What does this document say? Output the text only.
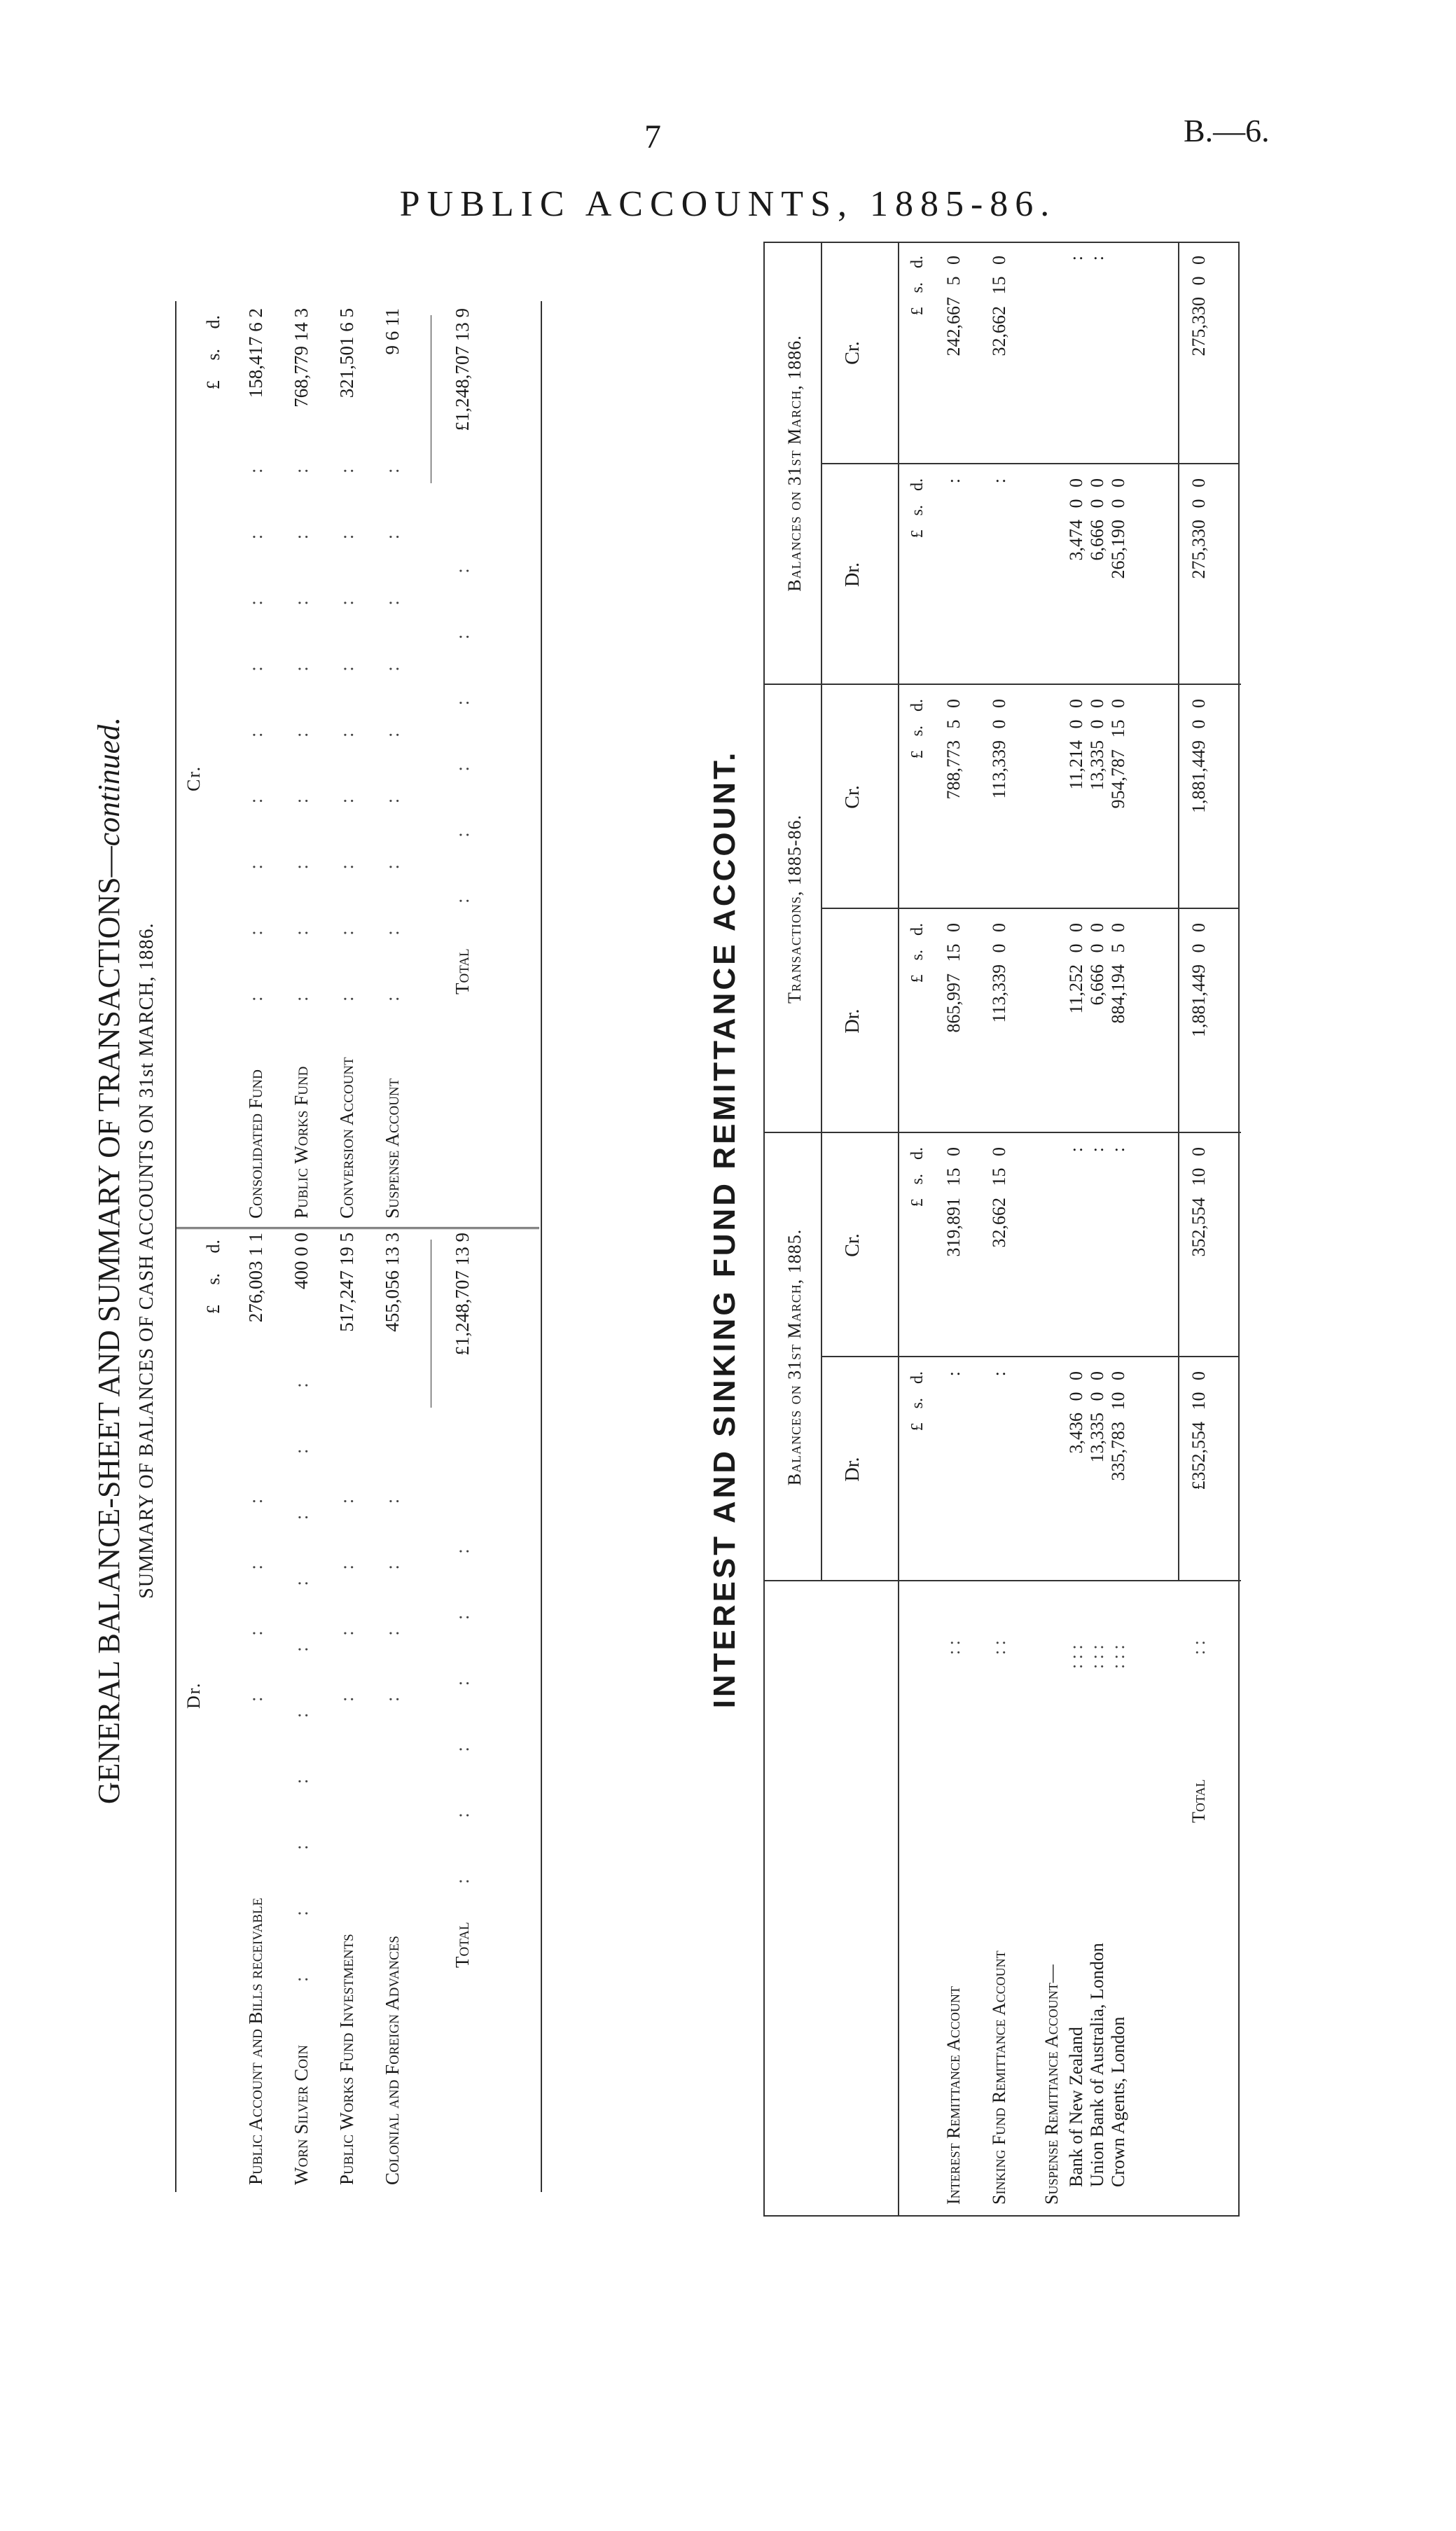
7	B.—6.
PUBLIC ACCOUNTS, 1885-86.
GENERAL BALANCE-SHEET AND SUMMARY OF TRANSACTIONS—continued.
SUMMARY OF BALANCES OF CASH ACCOUNTS ON 31st MARCH, 1886.
Dr.
£ s. d.
Public Account and Bills receivable
: : : :
276,003 1 1
Worn Silver Coin
: : : : : : : : : :
400 0 0
Public Works Fund Investments
: : : :
517,247 19 5
Colonial and Foreign Advances
: : : :
455,056 13 3
Total
: : : : : :
£1,248,707 13 9
Cr.
£ s. d.
Consolidated Fund
: : : : : : : : :
158,417 6 2
Public Works Fund
: : : : : : : : :
768,779 14 3
Conversion Account
: : : : : : : : :
321,501 6 5
Suspense Account
: : : : : : : : :
9 6 11
Total
: : : : : :
£1,248,707 13 9
INTEREST AND SINKING FUND REMITTANCE ACCOUNT. Balances on 31st March, 1885.
Transactions, 1885-86.
Balances on 31st March, 1886.
Dr.
Cr.
Dr.
Cr.
Dr.
Cr.
£ s. d.
£ s. d.
£ s. d.
£ s. d.
£ s. d.
£ s. d.
Interest Remittance Account
: :
Sinking Fund Remittance Account
: :
Suspense Remittance Account— Bank of New Zealand
: : :
Union Bank of Australia, London
: : :
Crown Agents, London
: : :
Total
: :
:
319,891 15 0
865,997 15 0
788,773 5 0
:
242,667 5 0
:
32,662 15 0
113,339 0 0
113,339 0 0
:
32,662 15 0
3,436 0 0
:
11,252 0 0
11,214 0 0
3,474 0 0
:
13,335 0 0
:
6,666 0 0
13,335 0 0
6,666 0 0
:
335,783 10 0
:
884,194 5 0
954,787 15 0
265,190 0 0
£352,554 10 0
352,554 10 0
1,881,449 0 0
1,881,449 0 0
275,330 0 0
275,330 0 0
